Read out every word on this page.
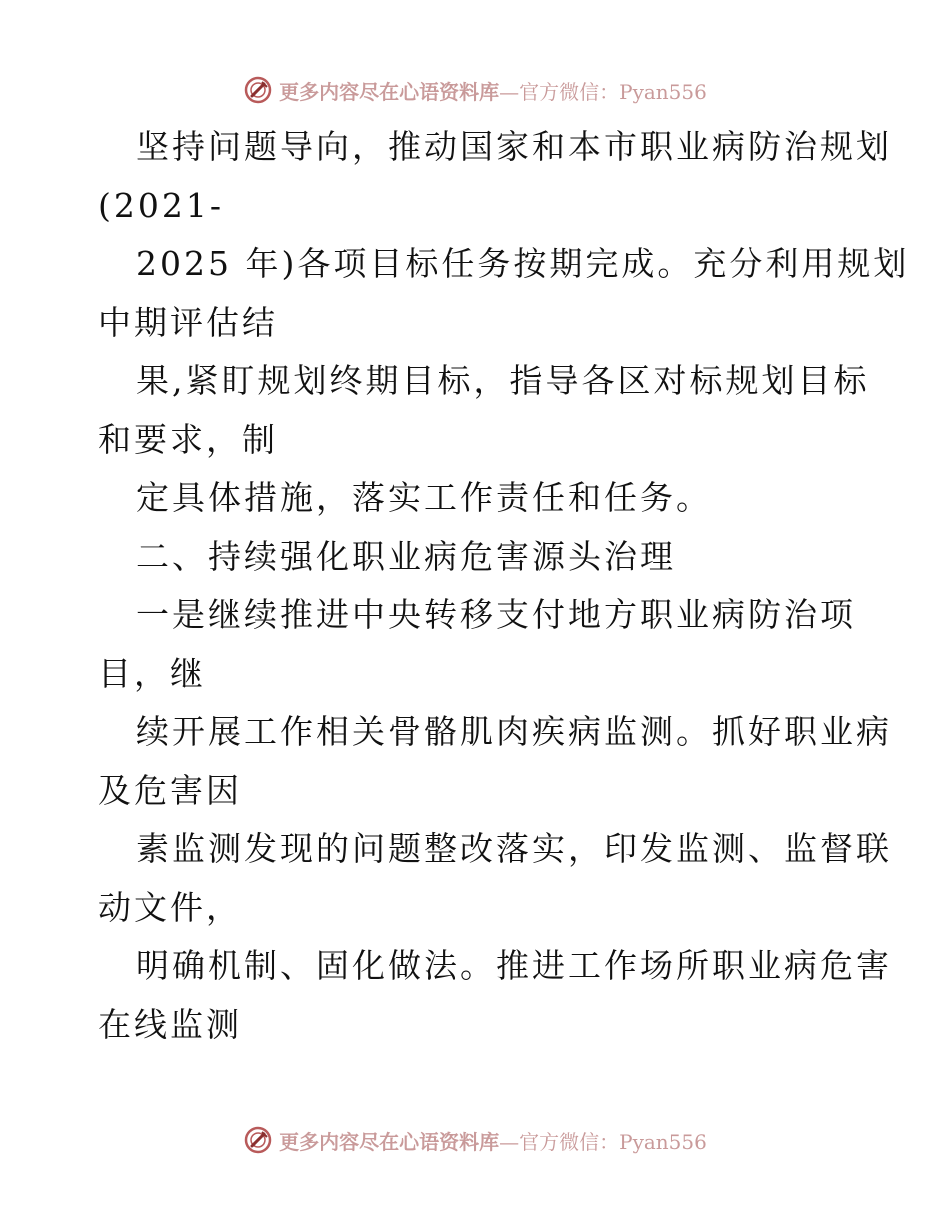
更多内容尽在心语资料库—官方微信：Pyan556
坚持问题导向，推动国家和本市职业病防治规划
(2021-
2025 年)各项目标任务按期完成。充分利用规划
中期评估结
果,紧盯规划终期目标，指导各区对标规划目标
和要求，制
定具体措施，落实工作责任和任务。
二、持续强化职业病危害源头治理
一是继续推进中央转移支付地方职业病防治项
目，继
续开展工作相关骨骼肌肉疾病监测。抓好职业病
及危害因
素监测发现的问题整改落实，印发监测、监督联
动文件，
明确机制、固化做法。推进工作场所职业病危害
在线监测
更多内容尽在心语资料库—官方微信：Pyan556
